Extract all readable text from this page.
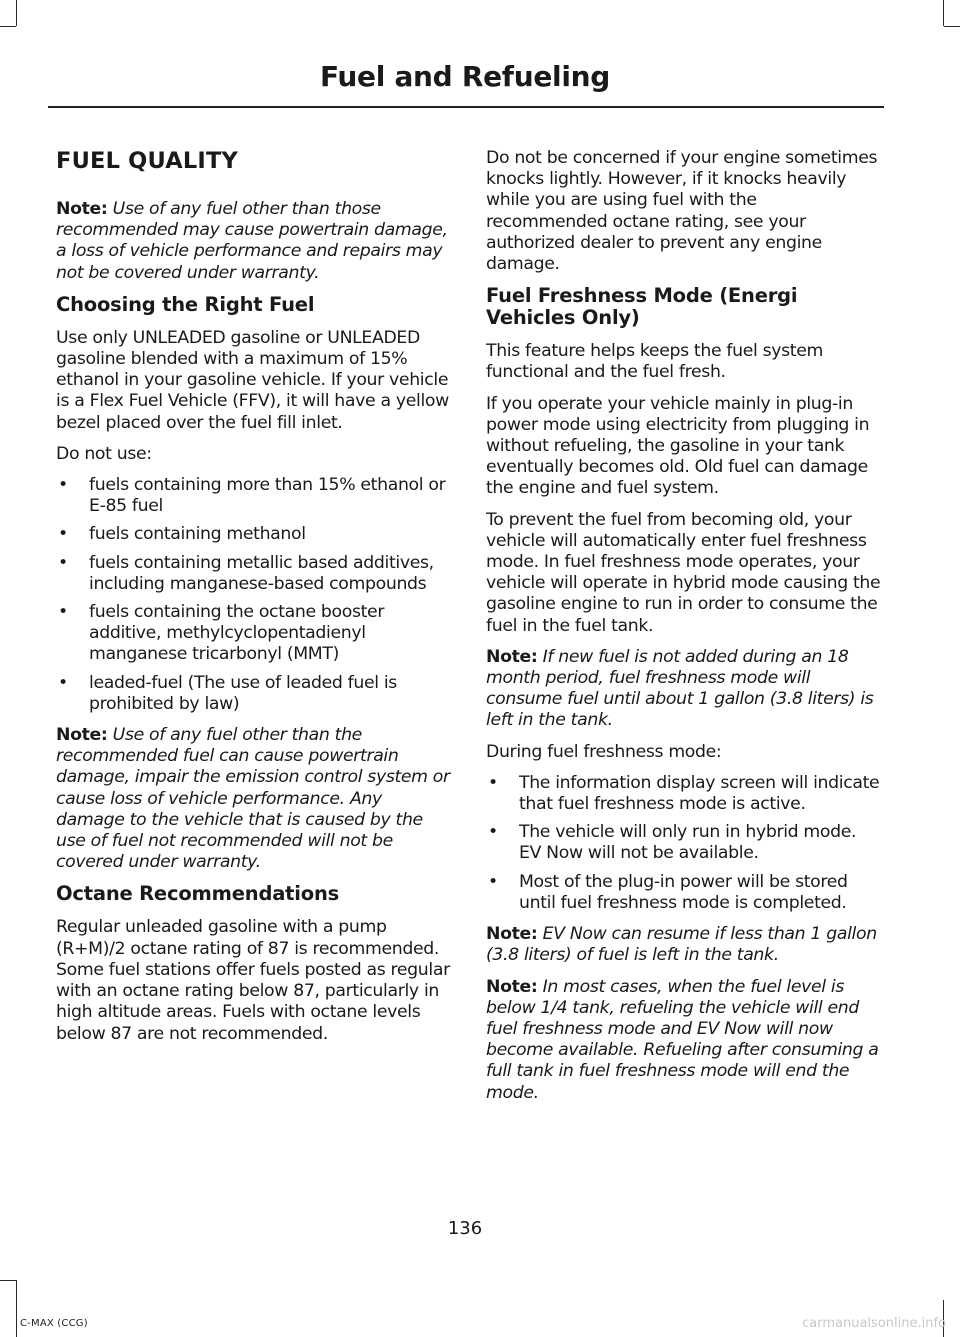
Fuel and Refueling
FUEL QUALITY

Note: Use of any fuel other than those recommended may cause powertrain damage, a loss of vehicle performance and repairs may not be covered under warranty.

Choosing the Right Fuel

Use only UNLEADED gasoline or UNLEADED gasoline blended with a maximum of 15% ethanol in your gasoline vehicle. If your vehicle is a Flex Fuel Vehicle (FFV), it will have a yellow bezel placed over the fuel fill inlet.

Do not use:

• fuels containing more than 15% ethanol or E-85 fuel
• fuels containing methanol
• fuels containing metallic based additives, including manganese-based compounds
• fuels containing the octane booster additive, methylcyclopentadienyl manganese tricarbonyl (MMT)
• leaded-fuel (The use of leaded fuel is prohibited by law)

Note: Use of any fuel other than the recommended fuel can cause powertrain damage, impair the emission control system or cause loss of vehicle performance. Any damage to the vehicle that is caused by the use of fuel not recommended will not be covered under warranty.

Octane Recommendations

Regular unleaded gasoline with a pump (R+M)/2 octane rating of 87 is recommended. Some fuel stations offer fuels posted as regular with an octane rating below 87, particularly in high altitude areas. Fuels with octane levels below 87 are not recommended.

Do not be concerned if your engine sometimes knocks lightly. However, if it knocks heavily while you are using fuel with the recommended octane rating, see your authorized dealer to prevent any engine damage.

Fuel Freshness Mode (Energi Vehicles Only)

This feature helps keeps the fuel system functional and the fuel fresh.

If you operate your vehicle mainly in plug-in power mode using electricity from plugging in without refueling, the gasoline in your tank eventually becomes old. Old fuel can damage the engine and fuel system.

To prevent the fuel from becoming old, your vehicle will automatically enter fuel freshness mode. In fuel freshness mode operates, your vehicle will operate in hybrid mode causing the gasoline engine to run in order to consume the fuel in the fuel tank.

Note: If new fuel is not added during an 18 month period, fuel freshness mode will consume fuel until about 1 gallon (3.8 liters) is left in the tank.

During fuel freshness mode:

• The information display screen will indicate that fuel freshness mode is active.
• The vehicle will only run in hybrid mode. EV Now will not be available.
• Most of the plug-in power will be stored until fuel freshness mode is completed.

Note: EV Now can resume if less than 1 gallon (3.8 liters) of fuel is left in the tank.

Note: In most cases, when the fuel level is below 1/4 tank, refueling the vehicle will end fuel freshness mode and EV Now will now become available. Refueling after consuming a full tank in fuel freshness mode will end the mode.

136
C-MAX (CCG)	carmanualsonline.info
